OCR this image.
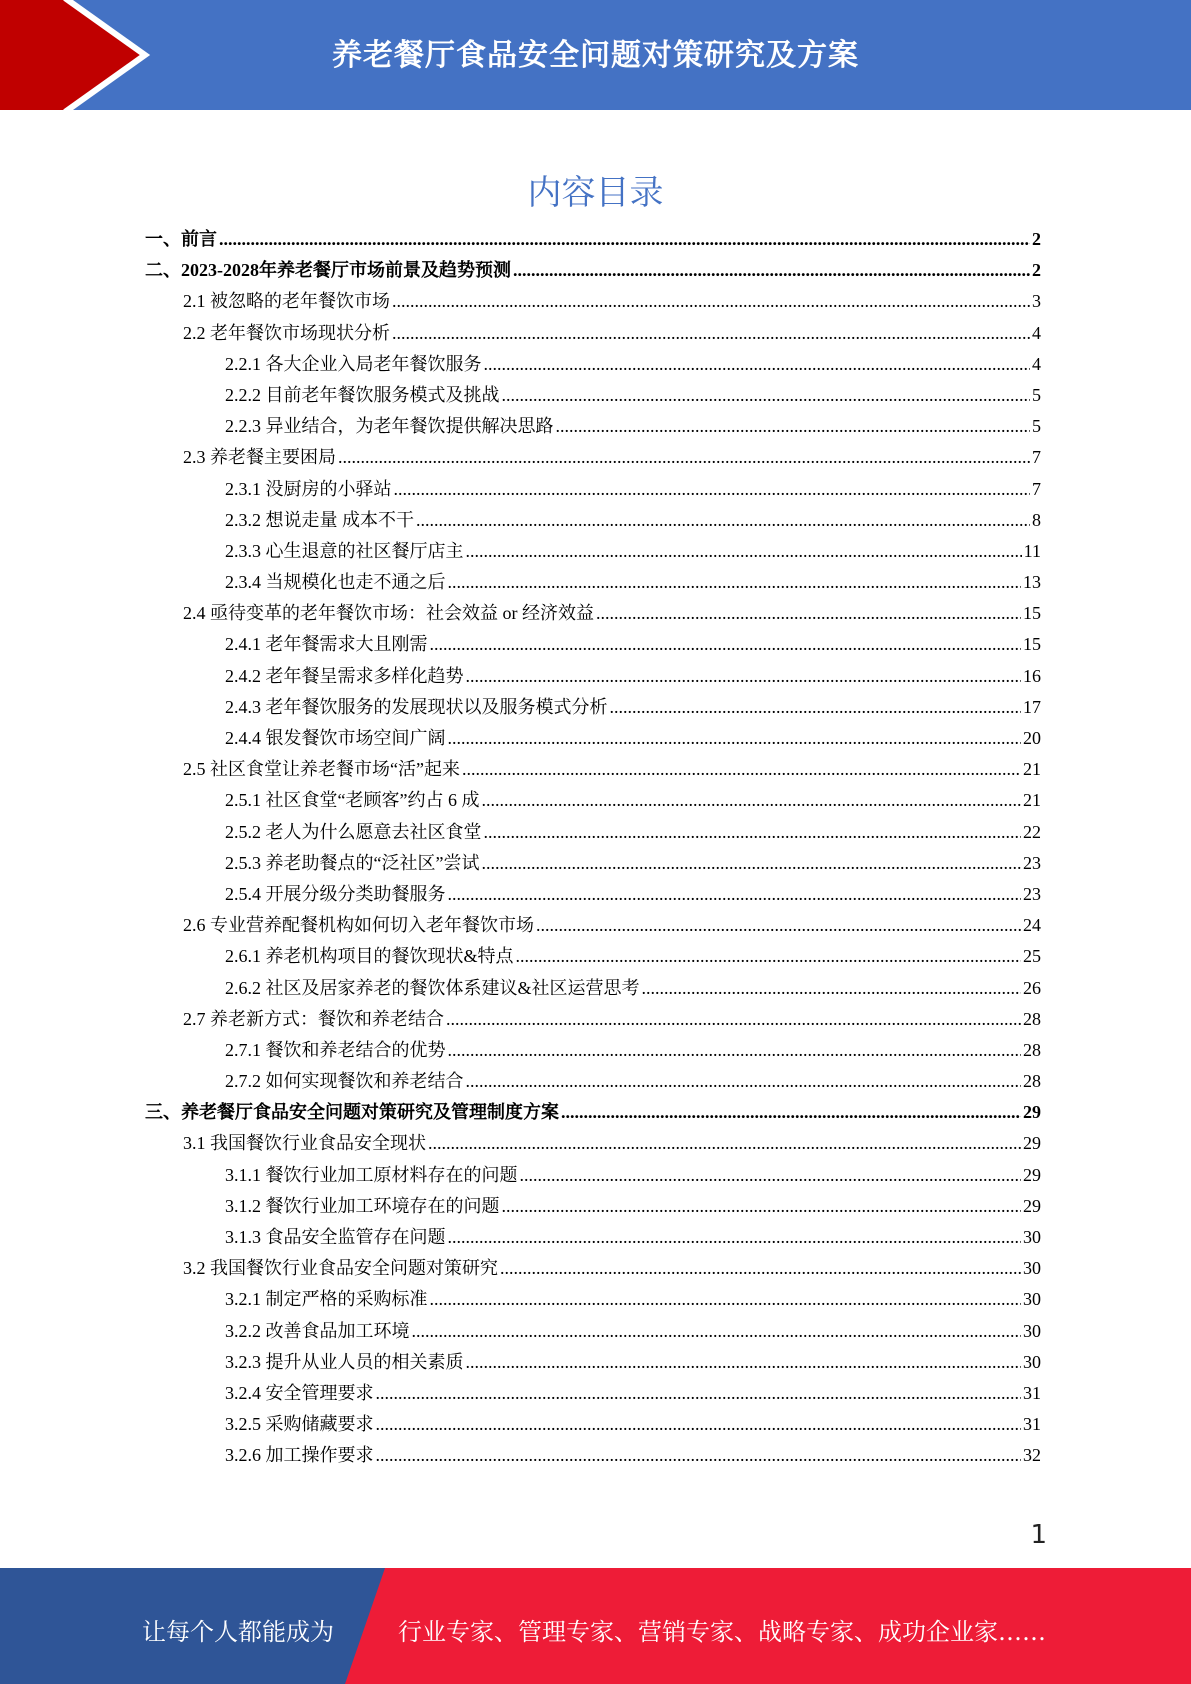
养老餐厅食品安全问题对策研究及方案
内容目录
一、前言 .....	2
二、2023-2028年养老餐厅市场前景及趋势预测 .....	2
2.1 被忽略的老年餐饮市场 .....	3
2.2 老年餐饮市场现状分析 .....	4
2.2.1 各大企业入局老年餐饮服务 .....	4
2.2.2 目前老年餐饮服务模式及挑战 .....	5
2.2.3 异业结合，为老年餐饮提供解决思路 .....	5
2.3 养老餐主要困局 .....	7
2.3.1 没厨房的小驿站 .....	7
2.3.2 想说走量 成本不干 .....	8
2.3.3 心生退意的社区餐厅店主 .....	11
2.3.4 当规模化也走不通之后 .....	13
2.4 亟待变革的老年餐饮市场：社会效益 or 经济效益 .....	15
2.4.1 老年餐需求大且刚需 .....	15
2.4.2 老年餐呈需求多样化趋势 .....	16
2.4.3 老年餐饮服务的发展现状以及服务模式分析 .....	17
2.4.4 银发餐饮市场空间广阔 .....	20
2.5 社区食堂让养老餐市场“活”起来 .....	21
2.5.1 社区食堂“老顾客”约占 6 成 .....	21
2.5.2 老人为什么愿意去社区食堂 .....	22
2.5.3 养老助餐点的“泛社区”尝试 .....	23
2.5.4 开展分级分类助餐服务 .....	23
2.6 专业营养配餐机构如何切入老年餐饮市场 .....	24
2.6.1 养老机构项目的餐饮现状&特点 .....	25
2.6.2 社区及居家养老的餐饮体系建议&社区运营思考 .....	26
2.7 养老新方式：餐饮和养老结合 .....	28
2.7.1 餐饮和养老结合的优势 .....	28
2.7.2 如何实现餐饮和养老结合 .....	28
三、养老餐厅食品安全问题对策研究及管理制度方案 .....	29
3.1 我国餐饮行业食品安全现状 .....	29
3.1.1 餐饮行业加工原材料存在的问题 .....	29
3.1.2 餐饮行业加工环境存在的问题 .....	29
3.1.3 食品安全监管存在问题 .....	30
3.2 我国餐饮行业食品安全问题对策研究 .....	30
3.2.1 制定严格的采购标准 .....	30
3.2.2 改善食品加工环境 .....	30
3.2.3 提升从业人员的相关素质 .....	30
3.2.4 安全管理要求 .....	31
3.2.5 采购储藏要求 .....	31
3.2.6 加工操作要求 .....	32
1
让每个人都能成为	行业专家、管理专家、营销专家、战略专家、成功企业家……
